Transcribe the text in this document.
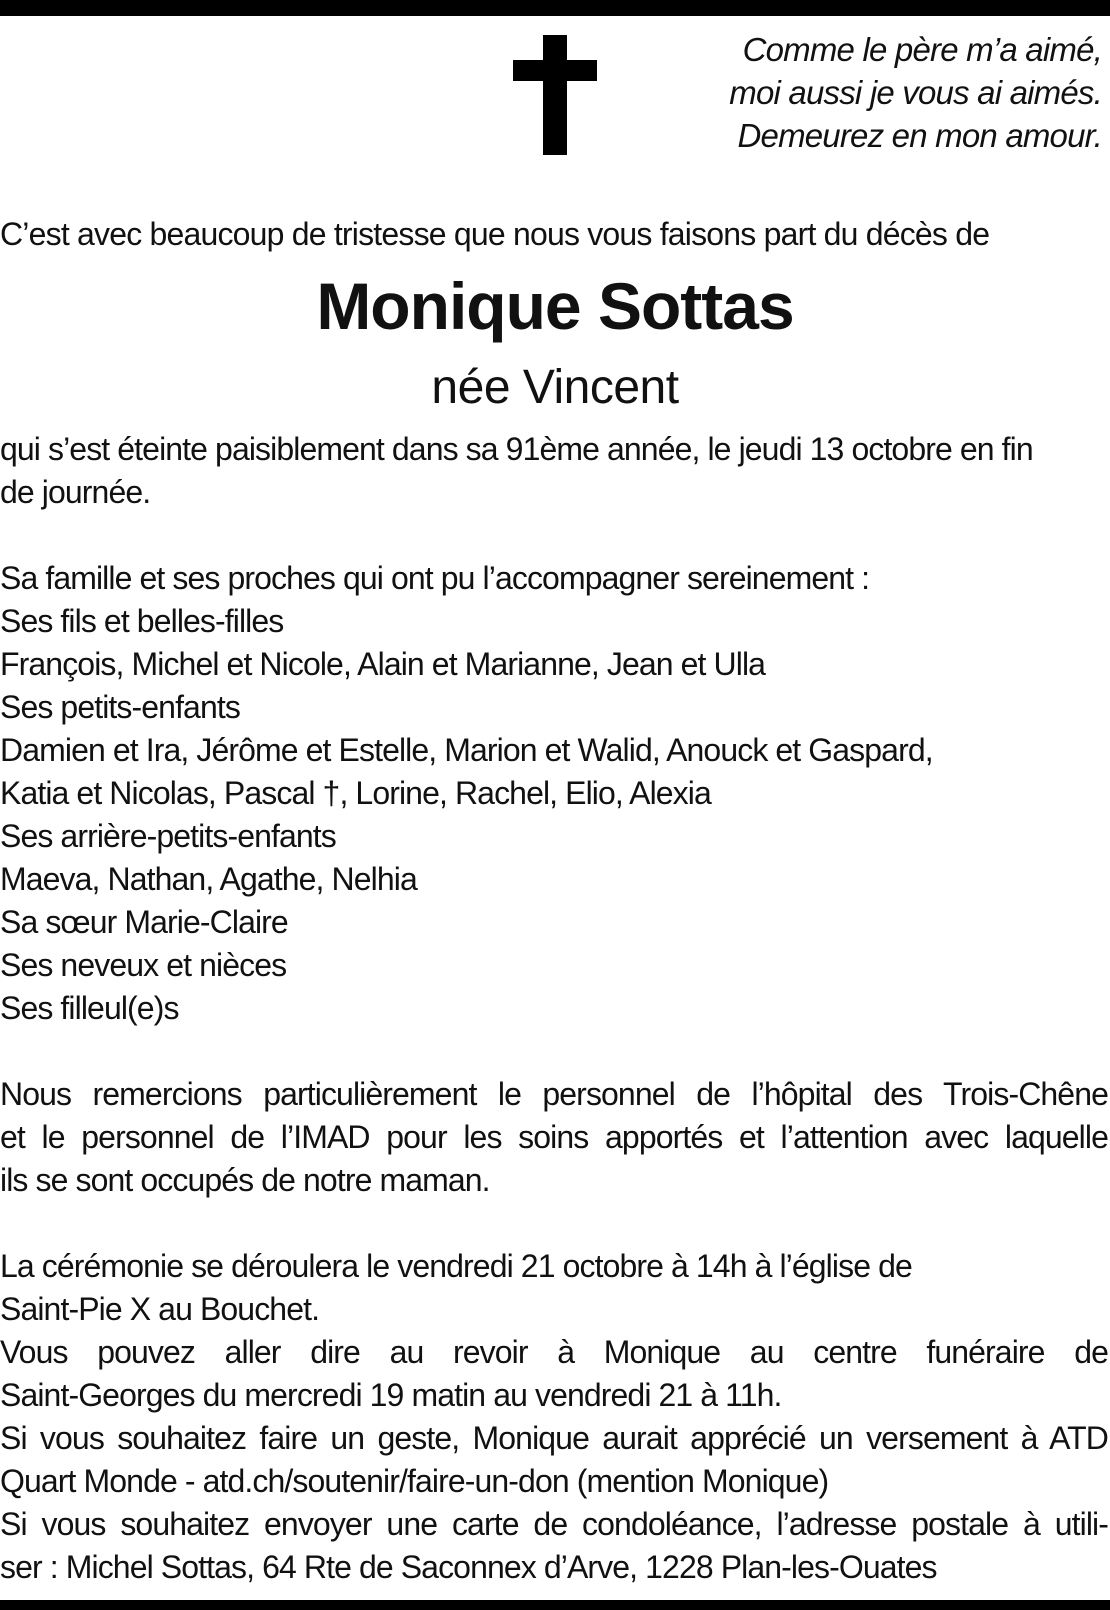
Comme le père m’a aimé,
moi aussi je vous ai aimés.
Demeurez en mon amour.
C’est avec beaucoup de tristesse que nous vous faisons part du décès de
Monique Sottas
née Vincent
qui s’est éteinte paisiblement dans sa 91ème année, le jeudi 13 octobre en fin
de journée.
Sa famille et ses proches qui ont pu l’accompagner sereinement :
Ses fils et belles-filles
François, Michel et Nicole, Alain et Marianne, Jean et Ulla
Ses petits-enfants
Damien et Ira, Jérôme et Estelle, Marion et Walid, Anouck et Gaspard,
Katia et Nicolas, Pascal †, Lorine, Rachel, Elio, Alexia
Ses arrière-petits-enfants
Maeva, Nathan, Agathe, Nelhia
Sa sœur Marie-Claire
Ses neveux et nièces
Ses filleul(e)s
Nous remercions particulièrement le personnel de l’hôpital des Trois-Chêne
et le personnel de l’IMAD pour les soins apportés et l’attention avec laquelle
ils se sont occupés de notre maman.
La cérémonie se déroulera le vendredi 21 octobre à 14h à l’église de
Saint-Pie X au Bouchet.
Vous pouvez aller dire au revoir à Monique au centre funéraire de
Saint-Georges du mercredi 19 matin au vendredi 21 à 11h.
Si vous souhaitez faire un geste, Monique aurait apprécié un versement à ATD
Quart Monde - atd.ch/soutenir/faire-un-don (mention Monique)
Si vous souhaitez envoyer une carte de condoléance, l’adresse postale à utili-
ser : Michel Sottas, 64 Rte de Saconnex d’Arve, 1228 Plan-les-Ouates
